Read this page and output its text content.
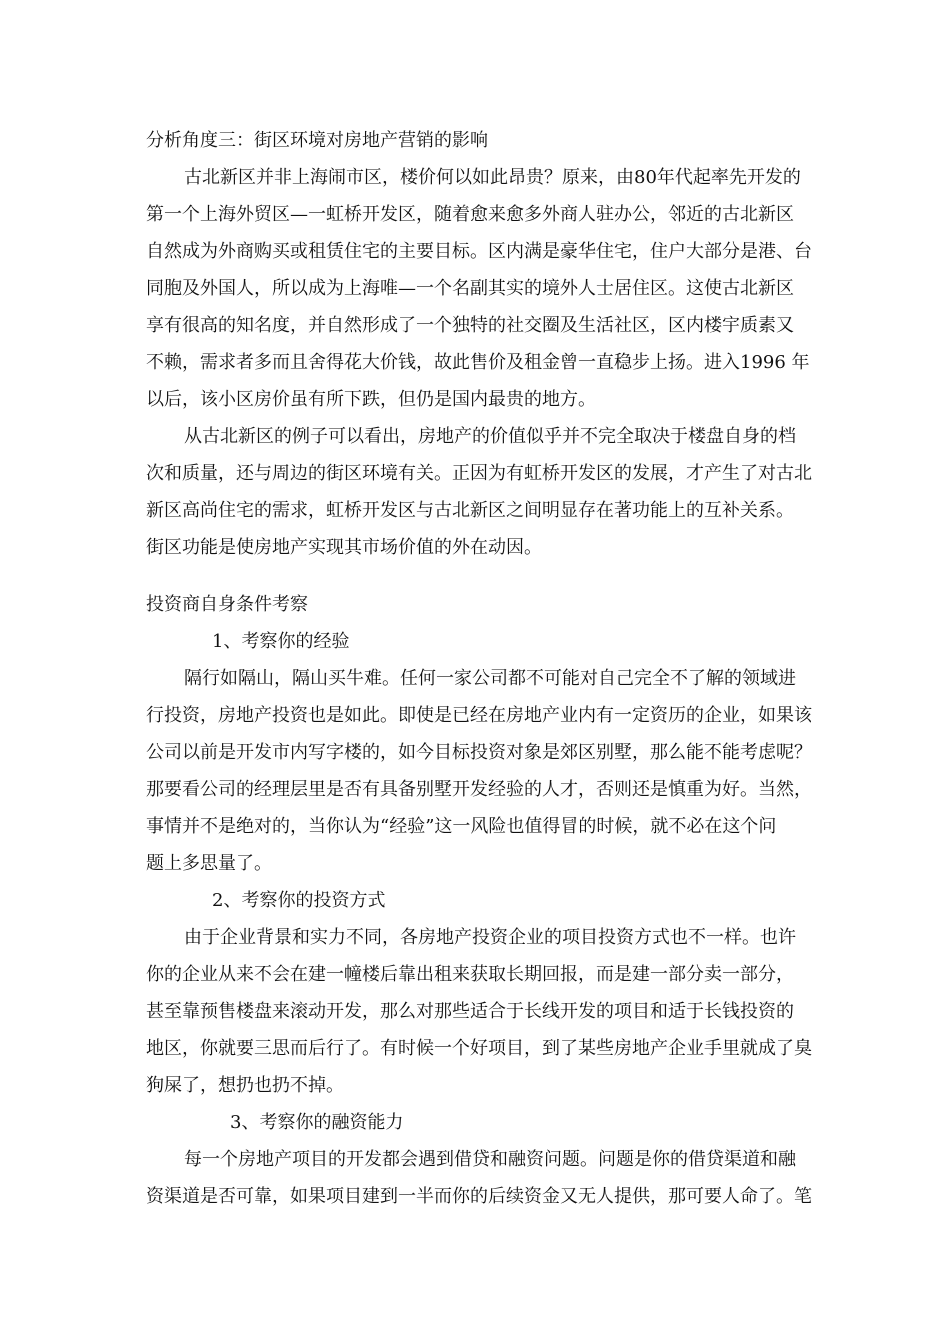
分析角度三：街区环境对房地产营销的影响
古北新区并非上海闹市区，楼价何以如此昂贵？原来，由80年代起率先开发的
第一个上海外贸区—一虹桥开发区，随着愈来愈多外商人驻办公，邻近的古北新区
自然成为外商购买或租赁住宅的主要目标。区内满是豪华住宅，住户大部分是港、台
同胞及外国人，所以成为上海唯—一个名副其实的境外人士居住区。这使古北新区
享有很高的知名度，并自然形成了一个独特的社交圈及生活社区，区内楼宇质素又
不赖，需求者多而且舍得花大价钱，故此售价及租金曾一直稳步上扬。进入1996 年
以后，该小区房价虽有所下跌，但仍是国内最贵的地方。
从古北新区的例子可以看出，房地产的价值似乎并不完全取决于楼盘自身的档
次和质量，还与周边的街区环境有关。正因为有虹桥开发区的发展，才产生了对古北
新区高尚住宅的需求，虹桥开发区与古北新区之间明显存在著功能上的互补关系。
街区功能是使房地产实现其市场价值的外在动因。
投资商自身条件考察
1、考察你的经验
隔行如隔山，隔山买牛难。任何一家公司都不可能对自己完全不了解的领域进
行投资，房地产投资也是如此。即使是已经在房地产业内有一定资历的企业，如果该
公司以前是开发市内写字楼的，如今目标投资对象是郊区别墅，那么能不能考虑呢？
那要看公司的经理层里是否有具备别墅开发经验的人才，否则还是慎重为好。当然，
事情并不是绝对的，当你认为“经验”这一风险也值得冒的时候，就不必在这个问
题上多思量了。
2、考察你的投资方式
由于企业背景和实力不同，各房地产投资企业的项目投资方式也不一样。也许
你的企业从来不会在建一幢楼后靠出租来获取长期回报，而是建一部分卖一部分，
甚至靠预售楼盘来滚动开发，那么对那些适合于长线开发的项目和适于长钱投资的
地区，你就要三思而后行了。有时候一个好项目，到了某些房地产企业手里就成了臭
狗屎了，想扔也扔不掉。
3、考察你的融资能力
每一个房地产项目的开发都会遇到借贷和融资问题。问题是你的借贷渠道和融
资渠道是否可靠，如果项目建到一半而你的后续资金又无人提供，那可要人命了。笔
